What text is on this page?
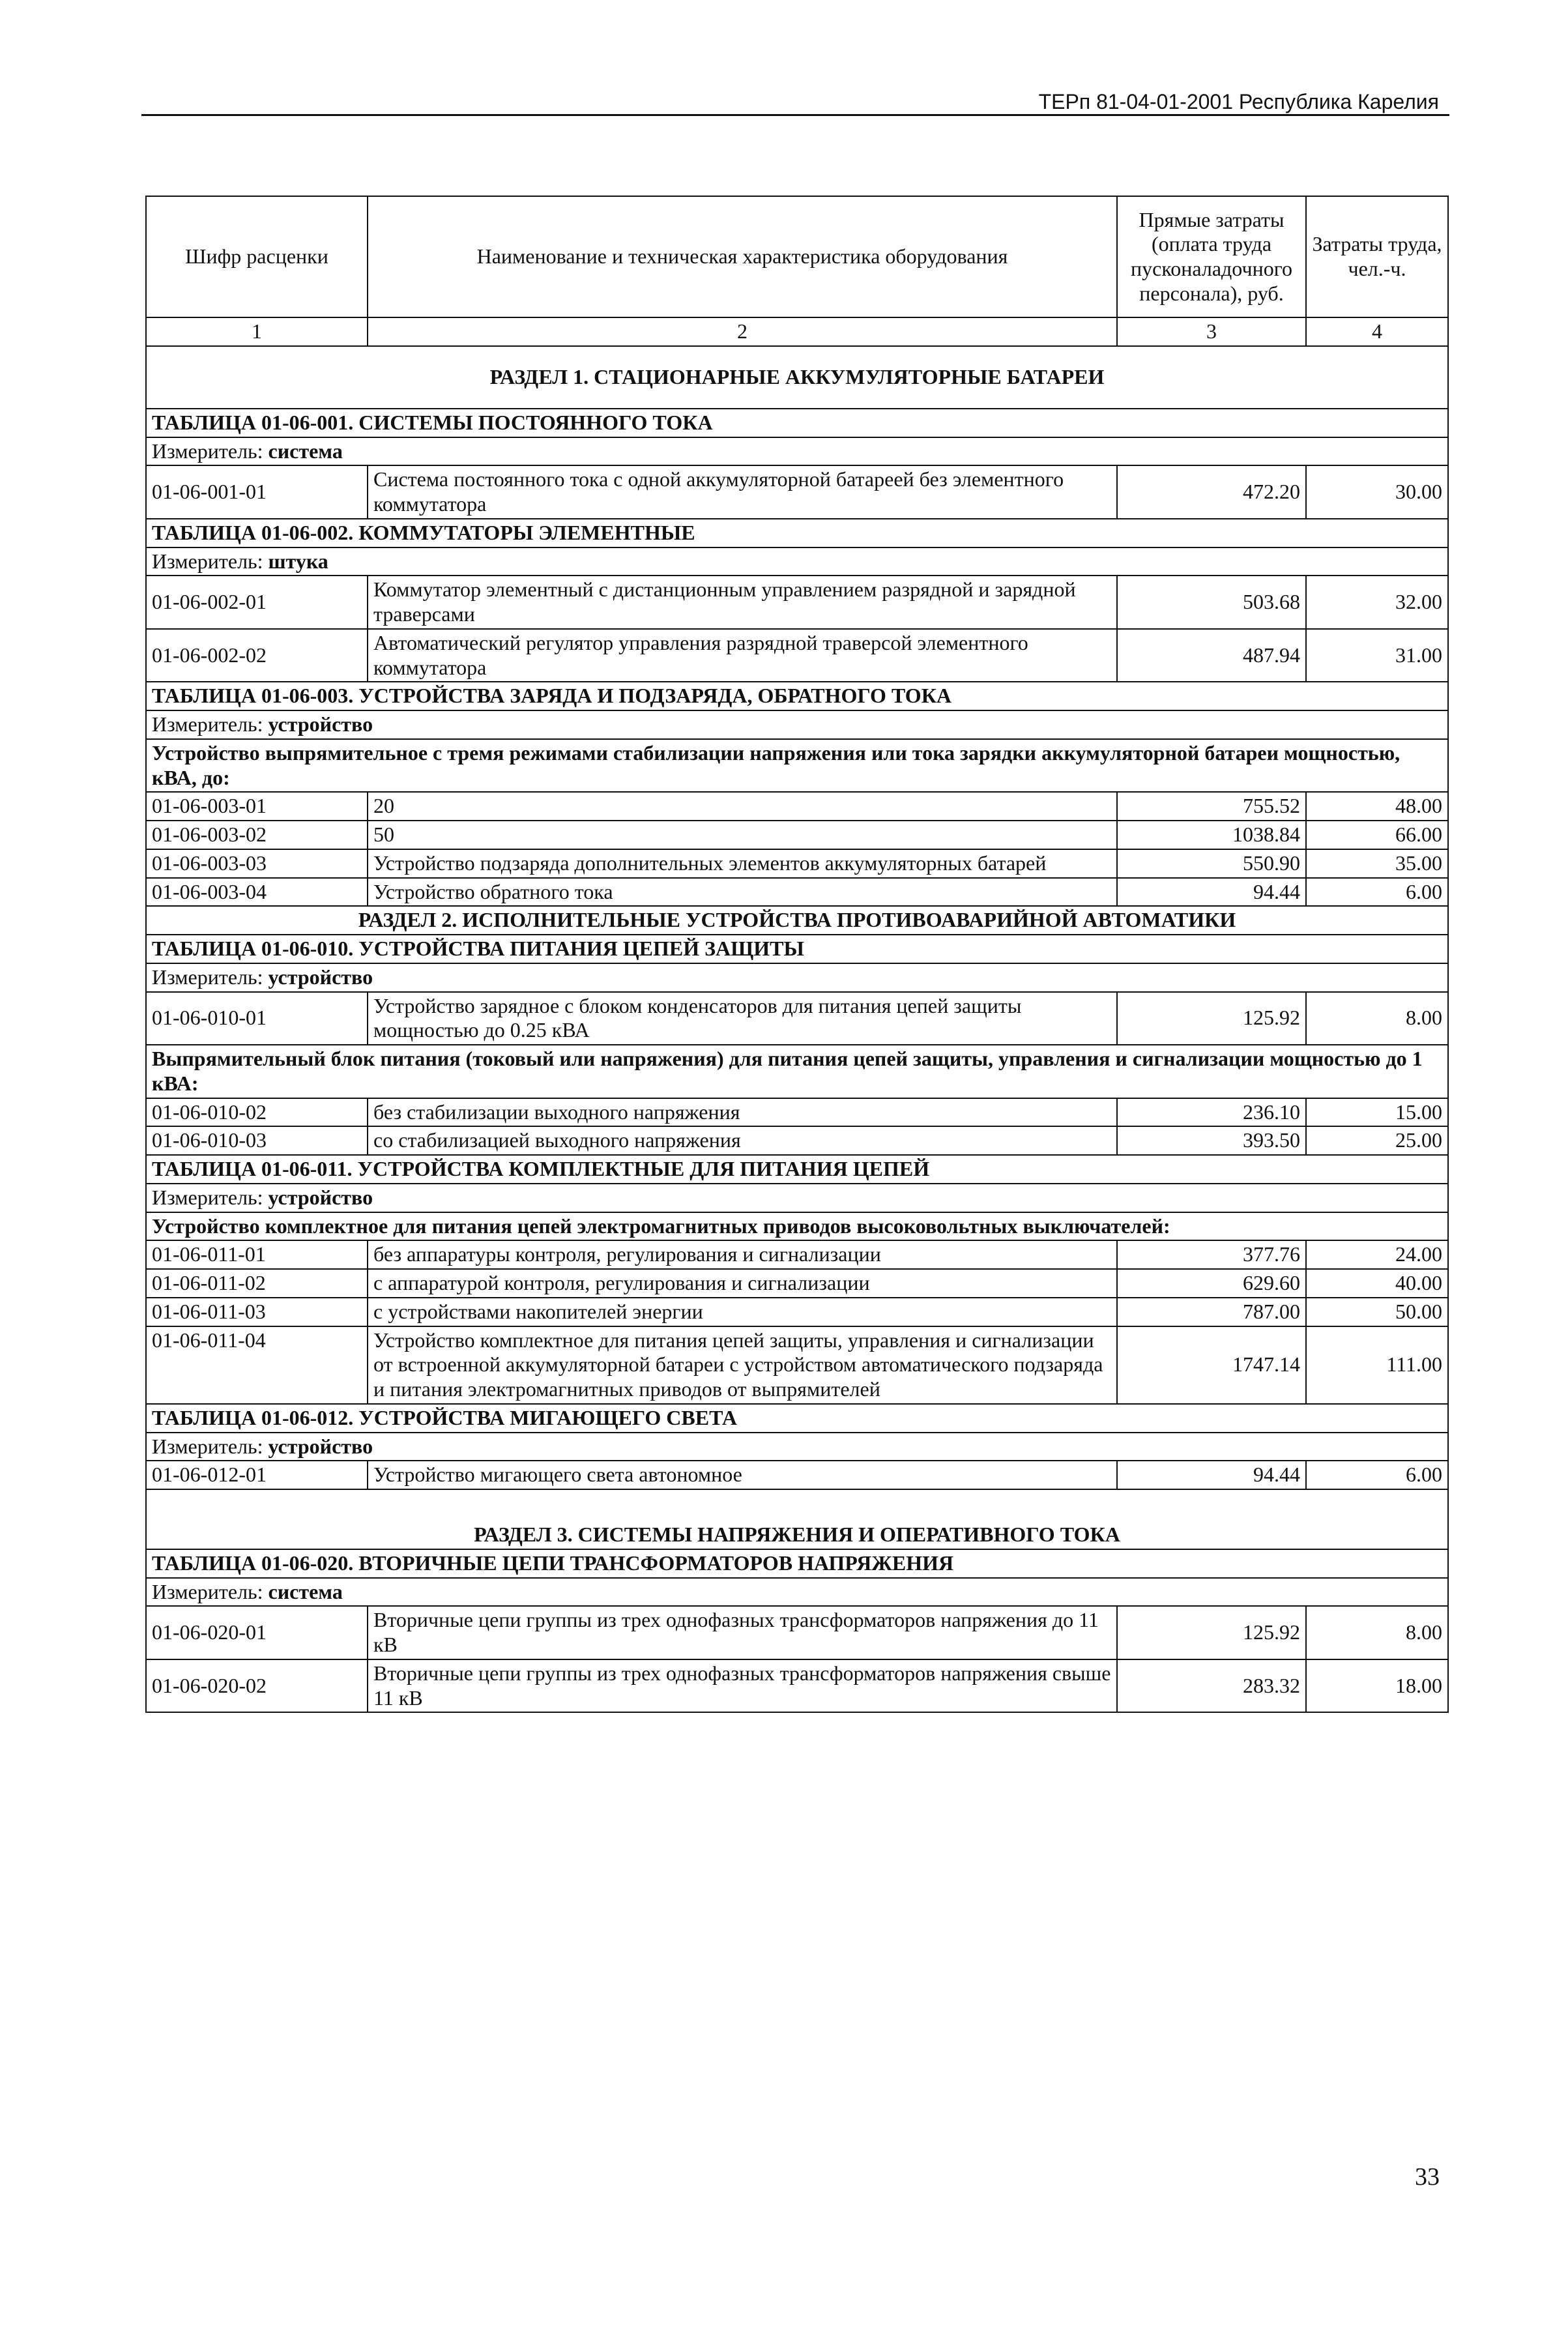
ТЕРп 81-04-01-2001 Республика Карелия
Шифр расценки	Наименование и техническая характеристика оборудования	Прямые затраты (оплата труда пусконаладочного персонала), руб.	Затраты труда, чел.-ч.
1	2	3	4
РАЗДЕЛ 1. СТАЦИОНАРНЫЕ АККУМУЛЯТОРНЫЕ БАТАРЕИ			
ТАБЛИЦА 01-06-001. СИСТЕМЫ ПОСТОЯННОГО ТОКА			
Измеритель: система			
01-06-001-01	Система постоянного тока с одной аккумуляторной батареей без элементного коммутатора	472.20	30.00
ТАБЛИЦА 01-06-002. КОММУТАТОРЫ ЭЛЕМЕНТНЫЕ			
Измеритель: штука			
01-06-002-01	Коммутатор элементный с дистанционным управлением разрядной и зарядной траверсами	503.68	32.00
01-06-002-02	Автоматический регулятор управления разрядной траверсой элементного коммутатора	487.94	31.00
ТАБЛИЦА 01-06-003. УСТРОЙСТВА ЗАРЯДА И ПОДЗАРЯДА, ОБРАТНОГО ТОКА			
Измеритель: устройство			
Устройство выпрямительное с тремя режимами стабилизации напряжения или тока зарядки аккумуляторной батареи мощностью, кВА, до:			
01-06-003-01	20	755.52	48.00
01-06-003-02	50	1038.84	66.00
01-06-003-03	Устройство подзаряда дополнительных элементов аккумуляторных батарей	550.90	35.00
01-06-003-04	Устройство обратного тока	94.44	6.00
РАЗДЕЛ 2. ИСПОЛНИТЕЛЬНЫЕ УСТРОЙСТВА ПРОТИВОАВАРИЙНОЙ АВТОМАТИКИ			
ТАБЛИЦА 01-06-010. УСТРОЙСТВА ПИТАНИЯ ЦЕПЕЙ ЗАЩИТЫ			
Измеритель: устройство			
01-06-010-01	Устройство зарядное с блоком конденсаторов для питания цепей защиты мощностью до 0.25 кВА	125.92	8.00
Выпрямительный блок питания (токовый или напряжения) для питания цепей защиты, управления и сигнализации мощностью до 1 кВА:			
01-06-010-02	без стабилизации выходного напряжения	236.10	15.00
01-06-010-03	со стабилизацией выходного напряжения	393.50	25.00
ТАБЛИЦА 01-06-011. УСТРОЙСТВА КОМПЛЕКТНЫЕ ДЛЯ ПИТАНИЯ ЦЕПЕЙ			
Измеритель: устройство			
Устройство комплектное для питания цепей электромагнитных приводов высоковольтных выключателей:			
01-06-011-01	без аппаратуры контроля, регулирования и сигнализации	377.76	24.00
01-06-011-02	с аппаратурой контроля, регулирования и сигнализации	629.60	40.00
01-06-011-03	с устройствами накопителей энергии	787.00	50.00
01-06-011-04	Устройство комплектное для питания цепей защиты, управления и сигнализации от встроенной аккумуляторной батареи с устройством автоматического подзаряда и питания электромагнитных приводов от выпрямителей	1747.14	111.00
ТАБЛИЦА 01-06-012. УСТРОЙСТВА МИГАЮЩЕГО СВЕТА			
Измеритель: устройство			
01-06-012-01	Устройство мигающего света автономное	94.44	6.00
РАЗДЕЛ 3. СИСТЕМЫ НАПРЯЖЕНИЯ И ОПЕРАТИВНОГО ТОКА			
ТАБЛИЦА 01-06-020. ВТОРИЧНЫЕ ЦЕПИ ТРАНСФОРМАТОРОВ НАПРЯЖЕНИЯ			
Измеритель: система			
01-06-020-01	Вторичные цепи группы из трех однофазных трансформаторов напряжения до 11 кВ	125.92	8.00
01-06-020-02	Вторичные цепи группы из трех однофазных трансформаторов напряжения свыше 11 кВ	283.32	18.00
33
